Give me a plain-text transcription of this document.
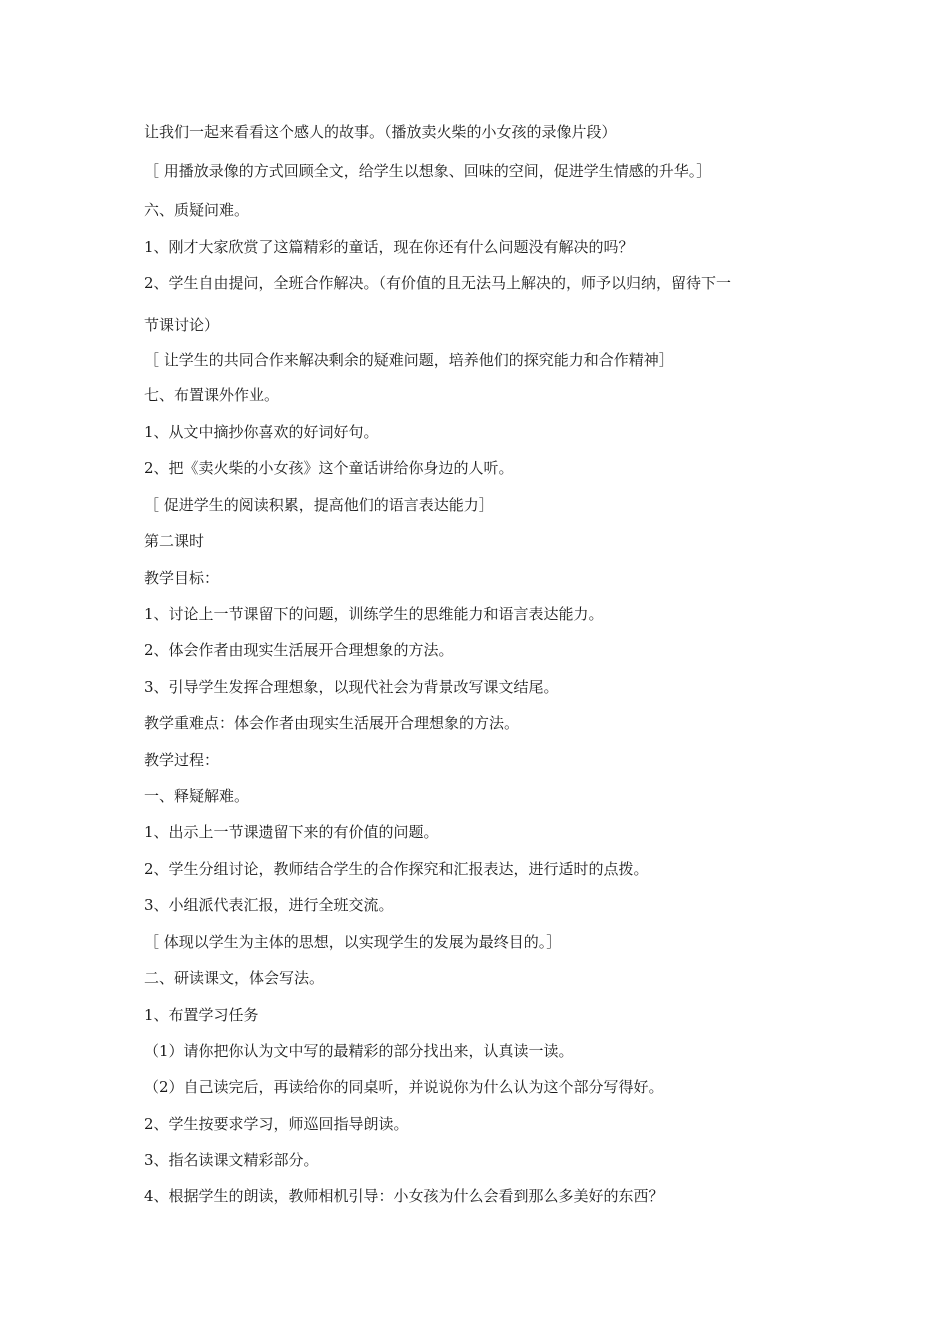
让我们一起来看看这个感人的故事。（播放卖火柴的小女孩的录像片段）
［ 用播放录像的方式回顾全文，给学生以想象、回味的空间，促进学生情感的升华。］
六、质疑问难。
1、刚才大家欣赏了这篇精彩的童话，现在你还有什么问题没有解决的吗？
2、学生自由提问，全班合作解决。（有价值的且无法马上解决的，师予以归纳，留待下一
节课讨论）
［ 让学生的共同合作来解决剩余的疑难问题，培养他们的探究能力和合作精神］
七、布置课外作业。
1、从文中摘抄你喜欢的好词好句。
2、把《卖火柴的小女孩》这个童话讲给你身边的人听。
［ 促进学生的阅读积累，提高他们的语言表达能力］
第二课时
教学目标：
1、讨论上一节课留下的问题，训练学生的思维能力和语言表达能力。
2、体会作者由现实生活展开合理想象的方法。
3、引导学生发挥合理想象，以现代社会为背景改写课文结尾。
教学重难点：体会作者由现实生活展开合理想象的方法。
教学过程：
一、释疑解难。
1、出示上一节课遗留下来的有价值的问题。
2、学生分组讨论，教师结合学生的合作探究和汇报表达，进行适时的点拨。
3、小组派代表汇报，进行全班交流。
［ 体现以学生为主体的思想，以实现学生的发展为最终目的。］
二、研读课文，体会写法。
1、布置学习任务
（1）请你把你认为文中写的最精彩的部分找出来，认真读一读。
（2）自己读完后，再读给你的同桌听，并说说你为什么认为这个部分写得好。
2、学生按要求学习，师巡回指导朗读。
3、指名读课文精彩部分。
4、根据学生的朗读，教师相机引导：小女孩为什么会看到那么多美好的东西？
